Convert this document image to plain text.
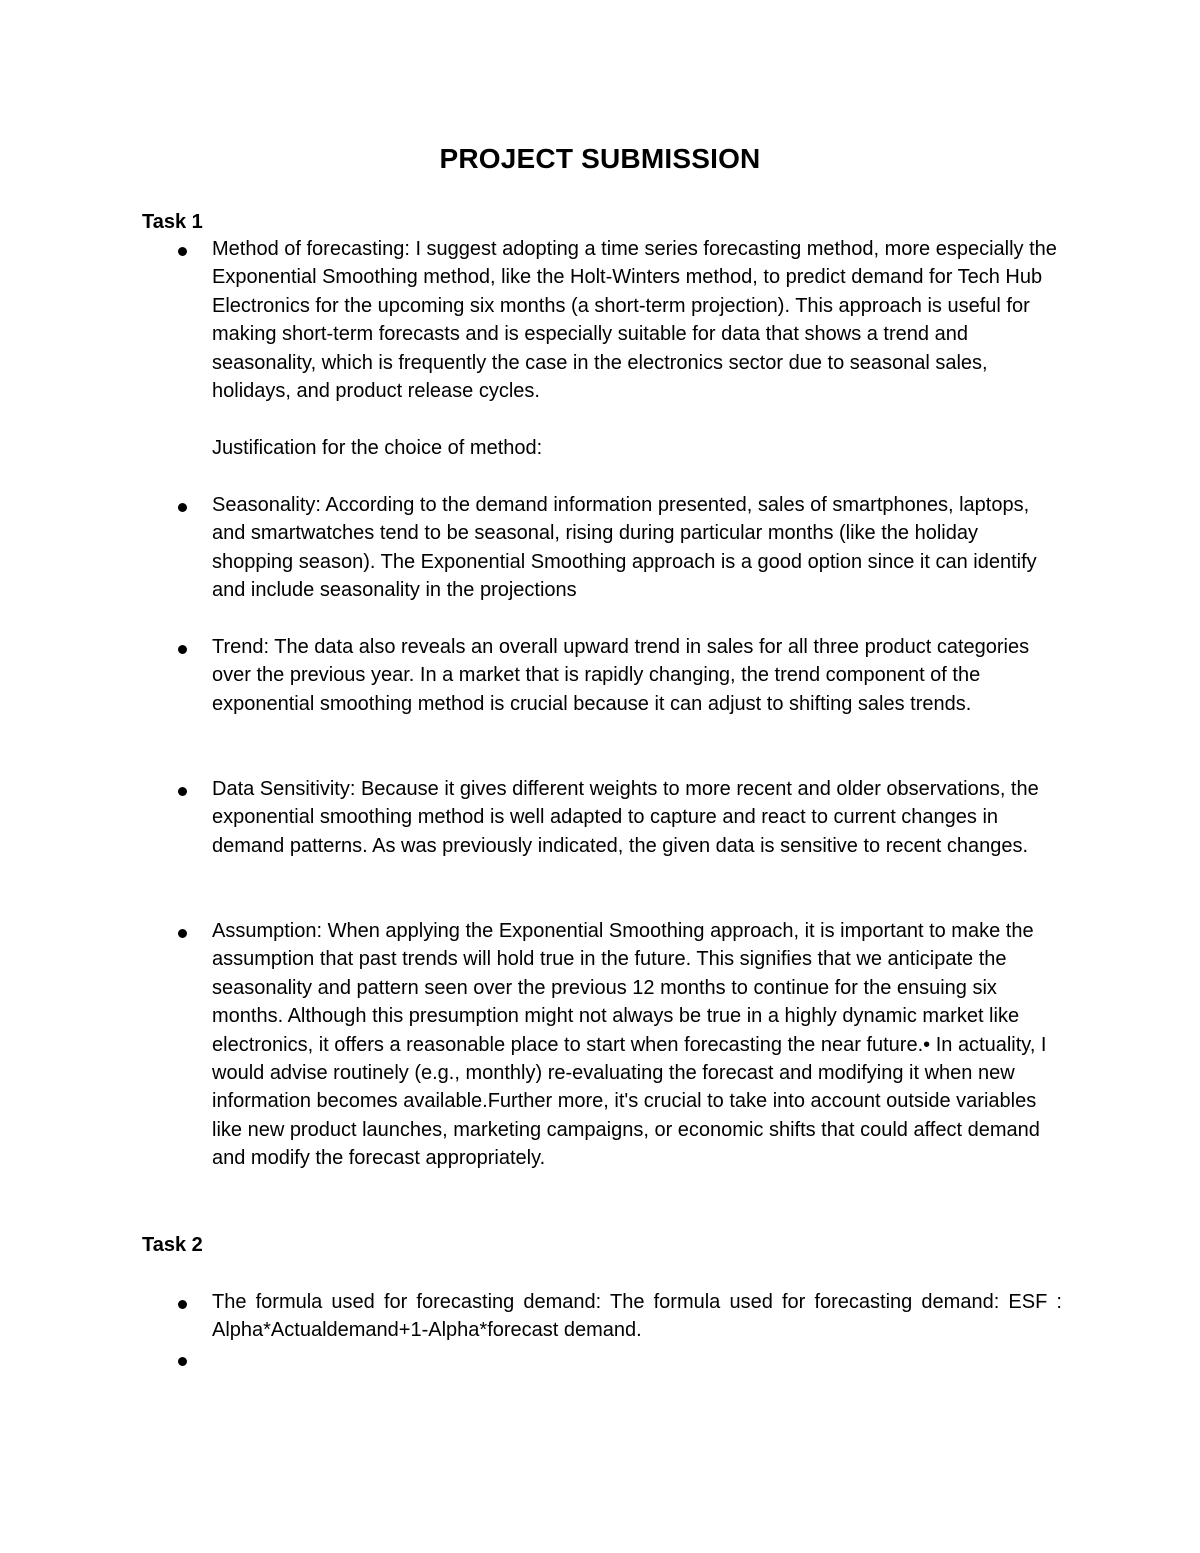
PROJECT SUBMISSION
Task 1
Method of forecasting: I suggest adopting a time series forecasting method, more especially the Exponential Smoothing method, like the Holt-Winters method, to predict demand for Tech Hub Electronics for the upcoming six months (a short-term projection). This approach is useful for making short-term forecasts and is especially suitable for data that shows a trend and seasonality, which is frequently the case in the electronics sector due to seasonal sales, holidays, and product release cycles.
Justification for the choice of method:
Seasonality: According to the demand information presented, sales of smartphones, laptops, and smartwatches tend to be seasonal, rising during particular months (like the holiday shopping season). The Exponential Smoothing approach is a good option since it can identify and include seasonality in the projections
Trend: The data also reveals an overall upward trend in sales for all three product categories over the previous year. In a market that is rapidly changing, the trend component of the exponential smoothing method is crucial because it can adjust to shifting sales trends.
Data Sensitivity: Because it gives different weights to more recent and older observations, the exponential smoothing method is well adapted to capture and react to current changes in demand patterns. As was previously indicated, the given data is sensitive to recent changes.
Assumption: When applying the Exponential Smoothing approach, it is important to make the assumption that past trends will hold true in the future. This signifies that we anticipate the seasonality and pattern seen over the previous 12 months to continue for the ensuing six months. Although this presumption might not always be true in a highly dynamic market like electronics, it offers a reasonable place to start when forecasting the near future.• In actuality, I would advise routinely (e.g., monthly) re-evaluating the forecast and modifying it when new information becomes available.Further more, it's crucial to take into account outside variables like new product launches, marketing campaigns, or economic shifts that could affect demand and modify the forecast appropriately.
Task 2
The formula used for forecasting demand: The formula used for forecasting demand: ESF : Alpha*Actualdemand+1-Alpha*forecast demand.
